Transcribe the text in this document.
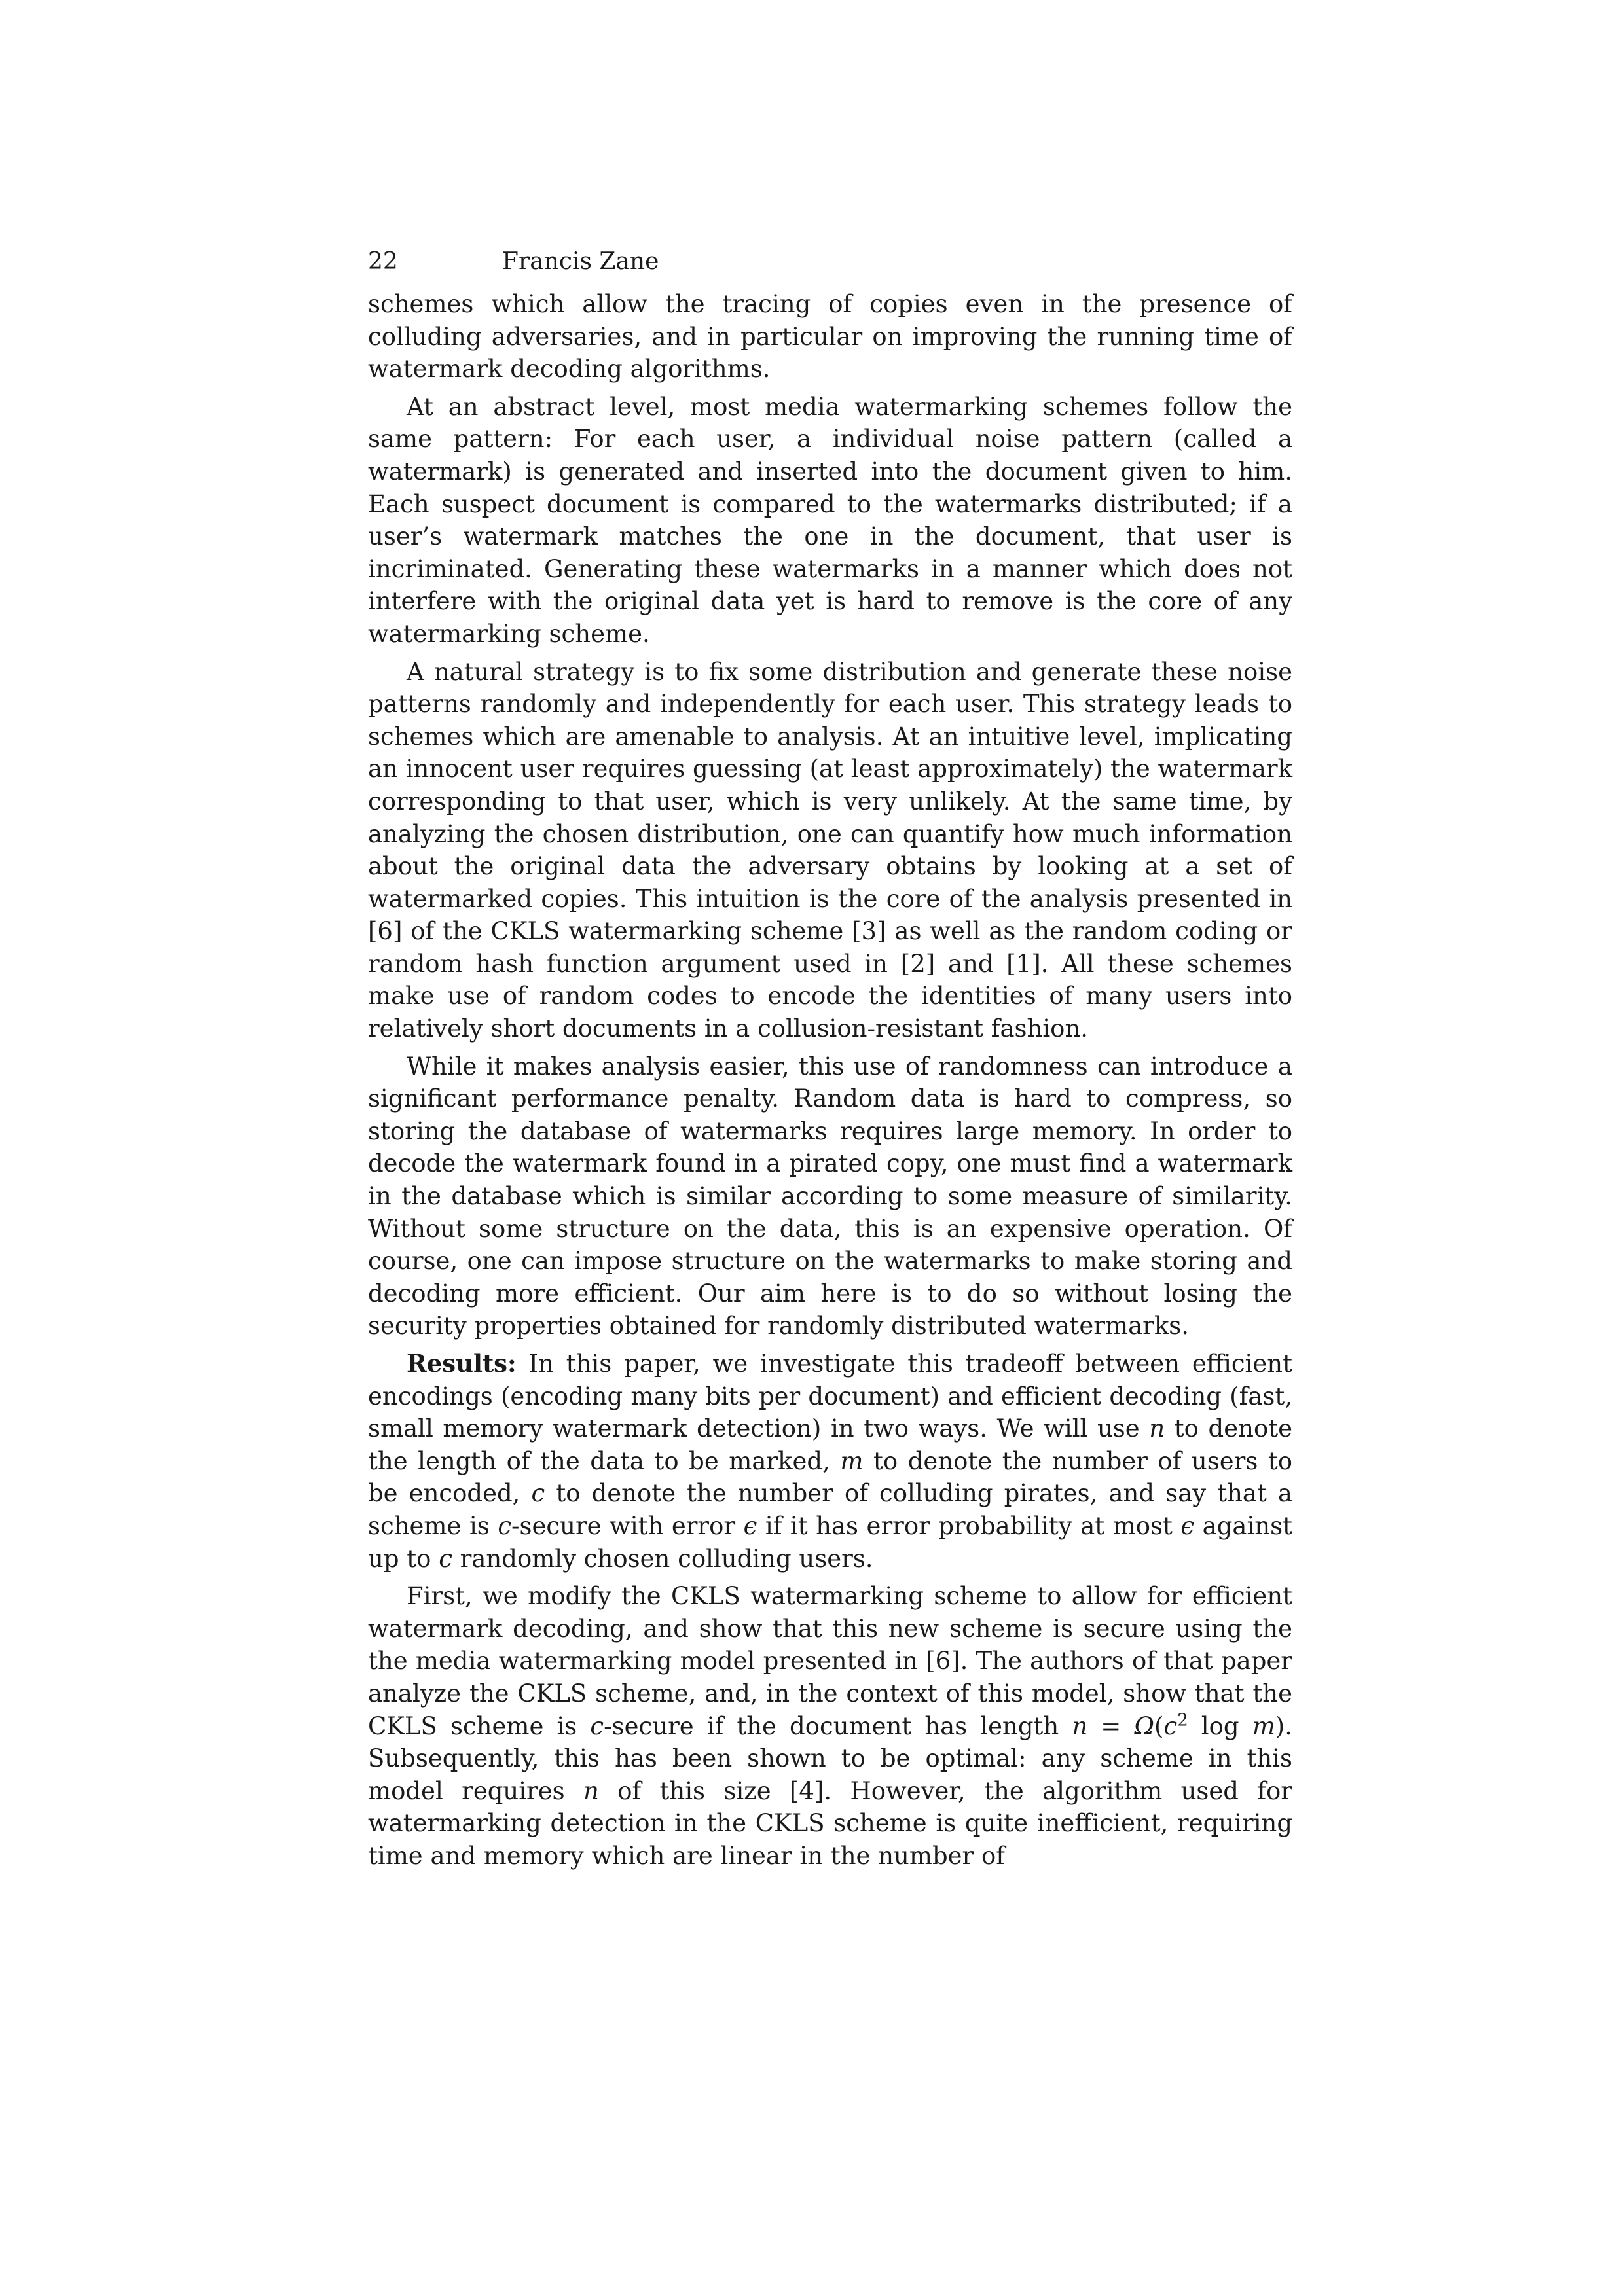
22	Francis Zane

schemes which allow the tracing of copies even in the presence of colluding adversaries, and in particular on improving the running time of watermark decoding algorithms.

At an abstract level, most media watermarking schemes follow the same pattern: For each user, a individual noise pattern (called a watermark) is generated and inserted into the document given to him. Each suspect document is compared to the watermarks distributed; if a user’s watermark matches the one in the document, that user is incriminated. Generating these watermarks in a manner which does not interfere with the original data yet is hard to remove is the core of any watermarking scheme.

A natural strategy is to fix some distribution and generate these noise patterns randomly and independently for each user. This strategy leads to schemes which are amenable to analysis. At an intuitive level, implicating an innocent user requires guessing (at least approximately) the watermark corresponding to that user, which is very unlikely. At the same time, by analyzing the chosen distribution, one can quantify how much information about the original data the adversary obtains by looking at a set of watermarked copies. This intuition is the core of the analysis presented in [6] of the CKLS watermarking scheme [3] as well as the random coding or random hash function argument used in [2] and [1]. All these schemes make use of random codes to encode the identities of many users into relatively short documents in a collusion-resistant fashion.

While it makes analysis easier, this use of randomness can introduce a significant performance penalty. Random data is hard to compress, so storing the database of watermarks requires large memory. In order to decode the watermark found in a pirated copy, one must find a watermark in the database which is similar according to some measure of similarity. Without some structure on the data, this is an expensive operation. Of course, one can impose structure on the watermarks to make storing and decoding more efficient. Our aim here is to do so without losing the security properties obtained for randomly distributed watermarks.

Results: In this paper, we investigate this tradeoff between efficient encodings (encoding many bits per document) and efficient decoding (fast, small memory watermark detection) in two ways. We will use n to denote the length of the data to be marked, m to denote the number of users to be encoded, c to denote the number of colluding pirates, and say that a scheme is c-secure with error ϵ if it has error probability at most ϵ against up to c randomly chosen colluding users.

First, we modify the CKLS watermarking scheme to allow for efficient watermark decoding, and show that this new scheme is secure using the the media watermarking model presented in [6]. The authors of that paper analyze the CKLS scheme, and, in the context of this model, show that the CKLS scheme is c-secure if the document has length $n = \Omega(c^2$ log m). Subsequently, this has been shown to be optimal: any scheme in this model requires n of this size [4]. However, the algorithm used for watermarking detection in the CKLS scheme is quite inefficient, requiring time and memory which are linear in the number of
